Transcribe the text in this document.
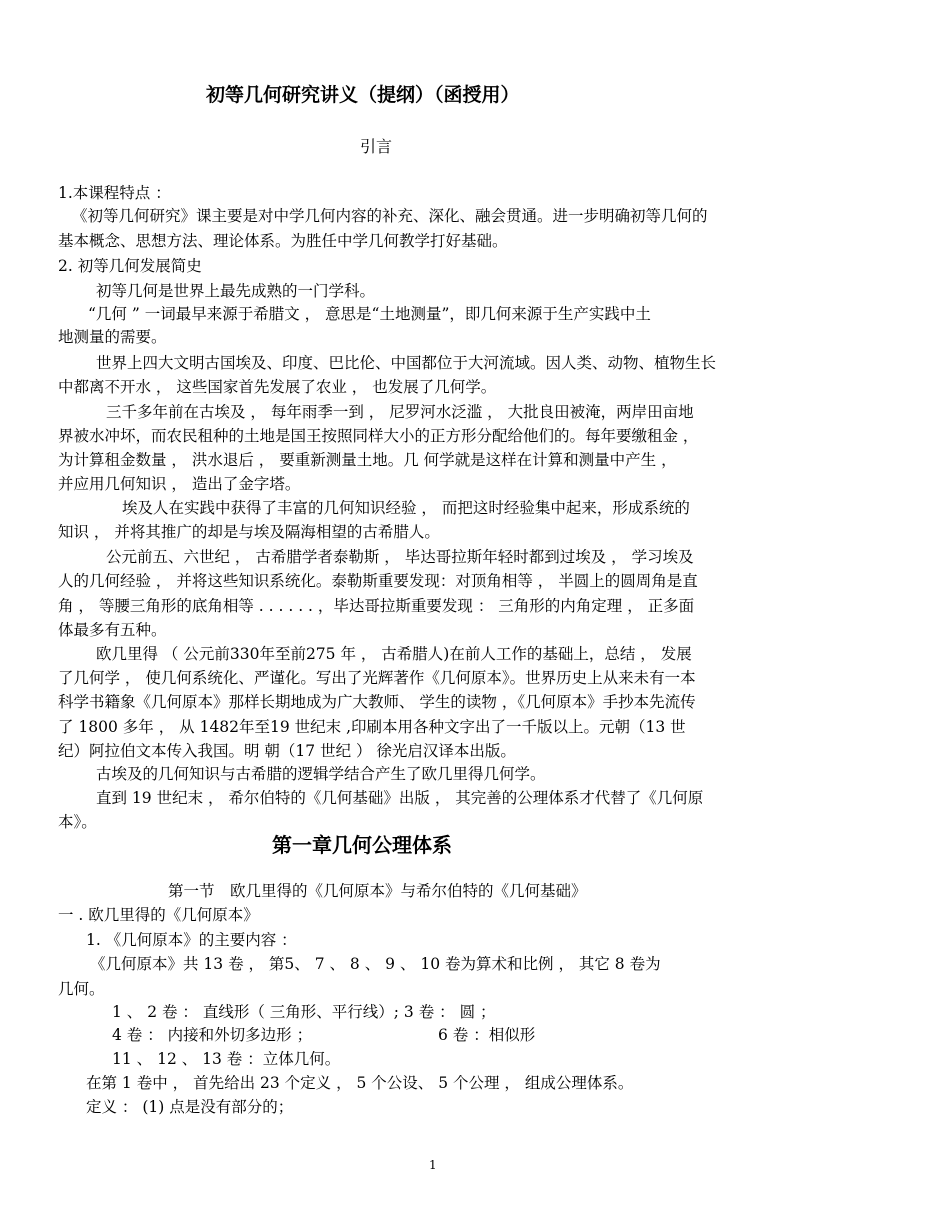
初等几何研究讲义（提纲）（函授用）
引言
1.本课程特点 ：
《初等几何研究》课主要是对中学几何内容的补充、深化、融会贯通。进一步明确初等几何的
基本概念、思想方法、理论体系。为胜任中学几何教学打好基础。
2. 初等几何发展简史
初等几何是世界上最先成熟的一门学科。
“几何 ” 一词最早来源于希腊文 ， 意思是“土地测量”，即几何来源于生产实践中土
地测量的需要。
世界上四大文明古国埃及、印度、巴比伦、中国都位于大河流域。因人类、动物、植物生长
中都离不开水 ， 这些国家首先发展了农业 ， 也发展了几何学。
三千多年前在古埃及 ， 每年雨季一到 ， 尼罗河水泛滥 ， 大批良田被淹，两岸田亩地
界被水冲坏，而农民租种的土地是国王按照同样大小的正方形分配给他们的。每年要缴租金 ，
为计算租金数量 ， 洪水退后 ， 要重新测量土地。几 何学就是这样在计算和测量中产生 ，
并应用几何知识 ， 造出了金字塔。
埃及人在实践中获得了丰富的几何知识经验 ， 而把这时经验集中起来，形成系统的
知识 ， 并将其推广的却是与埃及隔海相望的古希腊人。
公元前五、六世纪 ， 古希腊学者泰勒斯 ， 毕达哥拉斯年轻时都到过埃及 ， 学习埃及
人的几何经验 ， 并将这些知识系统化。泰勒斯重要发现：对顶角相等 ， 半圆上的圆周角是直
角 ， 等腰三角形的底角相等 . . . . . . ，毕达哥拉斯重要发现 ： 三角形的内角定理 ， 正多面
体最多有五种。
欧几里得 （ 公元前330年至前275 年 ， 古希腊人)在前人工作的基础上，总结 ， 发展
了几何学 ， 使几何系统化、严谨化。写出了光辉著作《几何原本》。世界历史上从来未有一本
科学书籍象《几何原本》那样长期地成为广大教师、 学生的读物 ，《几何原本》手抄本先流传
了 1800 多年 ， 从 1482年至19 世纪末 ,印刷本用各种文字出了一千版以上。元朝（13 世
纪）阿拉伯文本传入我国。明 朝（17 世纪 ） 徐光启汉译本出版。
古埃及的几何知识与古希腊的逻辑学结合产生了欧几里得几何学。
直到 19 世纪末 ， 希尔伯特的《几何基础》出版 ， 其完善的公理体系才代替了《几何原
本》。
第一章几何公理体系
第一节　欧几里得的《几何原本》与希尔伯特的《几何基础》
一 . 欧几里得的《几何原本》
1. 《几何原本》的主要内容 ：
《几何原本》共 13 卷 ， 第5、 7 、 8 、 9 、 10 卷为算术和比例 ， 其它 8 卷为
几何。
1 、 2 卷 ： 直线形（ 三角形、平行线）; 3 卷 ： 圆 ；
4 卷 ： 内接和外切多边形 ；	6 卷 ：相似形
11 、 12 、 13 卷 ：立体几何。
在第 1 卷中 ， 首先给出 23 个定义 ， 5 个公设、 5 个公理 ， 组成公理体系。
定义 ： (1) 点是没有部分的；
1
